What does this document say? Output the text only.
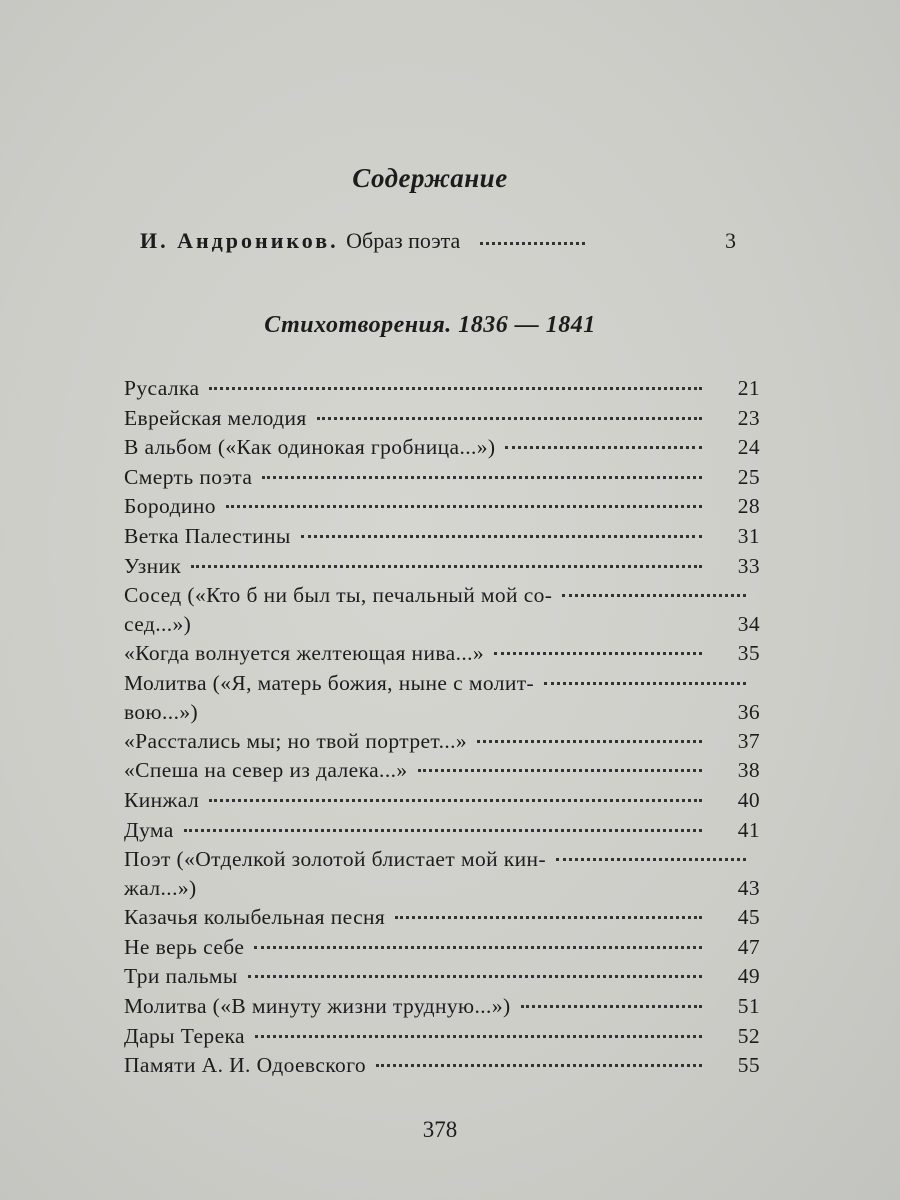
Содержание
И. Андроников. Образ поэта	3
Стихотворения. 1836 — 1841
Русалка	21
Еврейская мелодия	23
В альбом («Как одинокая гробница...»)	24
Смерть поэта	25
Бородино	28
Ветка Палестины	31
Узник	33
Сосед («Кто б ни был ты, печальный мой со-
сед...»)	34
«Когда волнуется желтеющая нива...»	35
Молитва («Я, матерь божия, ныне с молит-
вою...»)	36
«Расстались мы; но твой портрет...»	37
«Спеша на север из далека...»	38
Кинжал	40
Дума	41
Поэт («Отделкой золотой блистает мой кин-
жал...»)	43
Казачья колыбельная песня	45
Не верь себе	47
Три пальмы	49
Молитва («В минуту жизни трудную...»)	51
Дары Терека	52
Памяти А. И. Одоевского	55
378
